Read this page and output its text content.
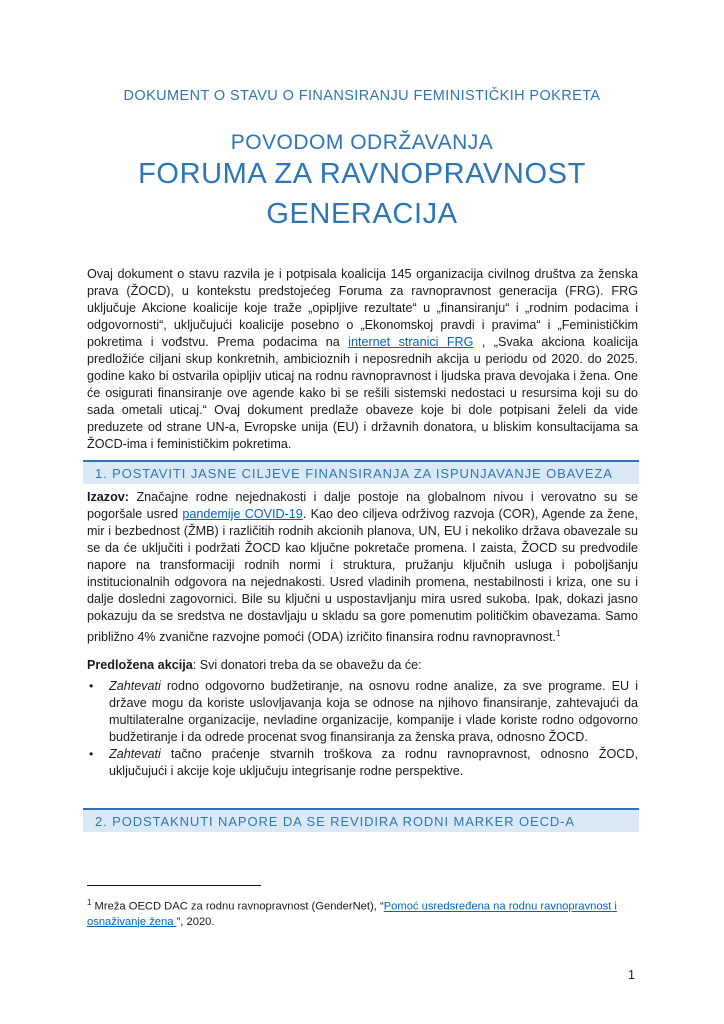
DOKUMENT O STAVU O FINANSIRANJU FEMINISTIČKIH POKRETA
POVODOM ODRŽAVANJA
FORUMA ZA RAVNOPRAVNOST
GENERACIJA
Ovaj dokument o stavu razvila je i potpisala koalicija 145 organizacija civilnog društva za ženska prava (ŽOCD), u kontekstu predstojećeg Foruma za ravnopravnost generacija (FRG). FRG uključuje Akcione koalicije koje traže „opipljive rezultate“ u „finansiranju“ i „rodnim podacima i odgovornosti“, uključujući koalicije posebno o „Ekonomskoj pravdi i pravima“ i „Feminističkim pokretima i vođstvu. Prema podacima na internet stranici FRG , „Svaka akciona koalicija predložiće ciljani skup konkretnih, ambicioznih i neposrednih akcija u periodu od 2020. do 2025. godine kako bi ostvarila opipljiv uticaj na rodnu ravnopravnost i ljudska prava devojaka i žena. One će osigurati finansiranje ove agende kako bi se rešili sistemski nedostaci u resursima koji su do sada ometali uticaj.“ Ovaj dokument predlaže obaveze koje bi dole potpisani želeli da vide preduzete od strane UN-a, Evropske unija (EU) i državnih donatora, u bliskim konsultacijama sa ŽOCD-ima i feminističkim pokretima.
1. POSTAVITI JASNE CILJEVE FINANSIRANJA ZA ISPUNJAVANJE OBAVEZA
Izazov: Značajne rodne nejednakosti i dalje postoje na globalnom nivou i verovatno su se pogoršale usred pandemije COVID-19. Kao deo ciljeva održivog razvoja (COR), Agende za žene, mir i bezbednost (ŽMB) i različitih rodnih akcionih planova, UN, EU i nekoliko država obavezale su se da će uključiti i podržati ŽOCD kao ključne pokretače promena. I zaista, ŽOCD su predvodile napore na transformaciji rodnih normi i struktura, pružanju ključnih usluga i poboljšanju institucionalnih odgovora na nejednakosti. Usred vladinih promena, nestabilnosti i kriza, one su i dalje dosledni zagovornici. Bile su ključni u uspostavljanju mira usred sukoba. Ipak, dokazi jasno pokazuju da se sredstva ne dostavljaju u skladu sa gore pomenutim političkim obavezama. Samo približno 4% zvanične razvojne pomoći (ODA) izričito finansira rodnu ravnopravnost.$^1$
Predložena akcija: Svi donatori treba da se obavežu da će:
• Zahtevati rodno odgovorno budžetiranje, na osnovu rodne analize, za sve programe. EU i države mogu da koriste uslovljavanja koja se odnose na njihovo finansiranje, zahtevajući da multilateralne organizacije, nevladine organizacije, kompanije i vlade koriste rodno odgovorno budžetiranje i da odrede procenat svog finansiranja za ženska prava, odnosno ŽOCD.
• Zahtevati tačno praćenje stvarnih troškova za rodnu ravnopravnost, odnosno ŽOCD, uključujući i akcije koje uključuju integrisanje rodne perspektive.
2. PODSTAKNUTI NAPORE DA SE REVIDIRA RODNI MARKER OECD-A
$^1$ Mreža OECD DAC za rodnu ravnopravnost (GenderNet), “Pomoć usredsređena na rodnu ravnopravnost i osnaživanje žena ”, 2020.
1
